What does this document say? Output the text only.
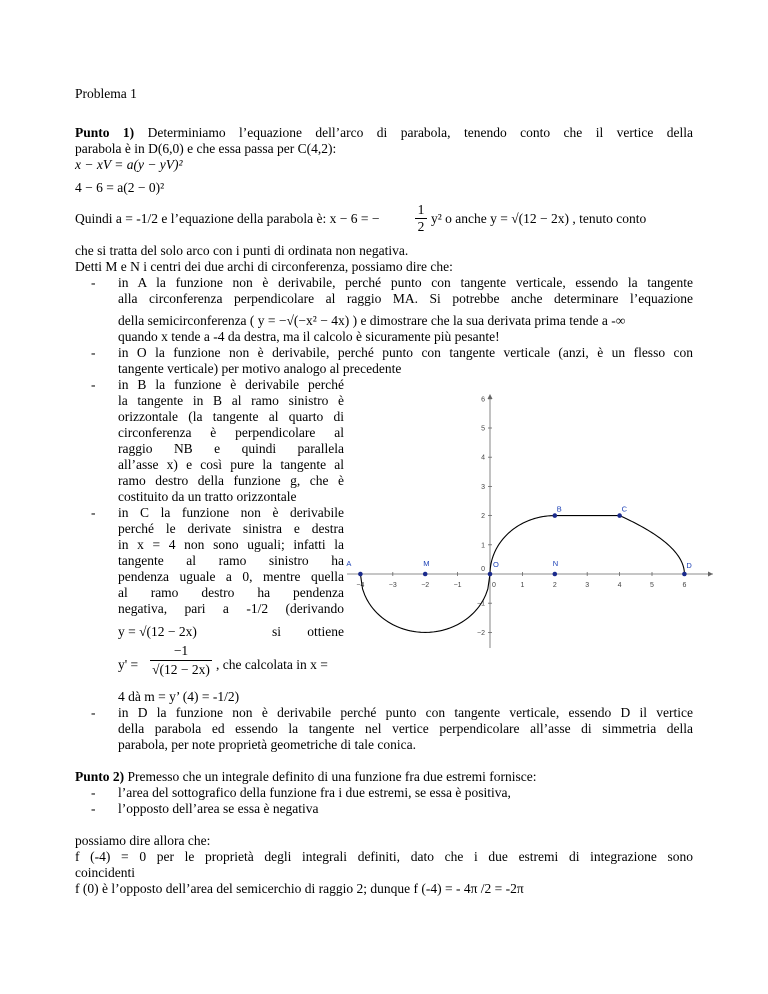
Problema 1
Punto 1) Determiniamo l’equazione dell’arco di parabola, tenendo conto che il vertice della
parabola è in D(6,0) e che essa passa per C(4,2):
x − xV = a(y − yV)²
4 − 6 = a(2 − 0)²
Quindi a = -1/2 e l’equazione della parabola è: x − 6 = −
1
2
y² o anche y = √(12 − 2x) , tenuto conto
che si tratta del solo arco con i punti di ordinata non negativa.
Detti M e N i centri dei due archi di circonferenza, possiamo dire che:
- in A la funzione non è derivabile, perché punto con tangente verticale, essendo la tangente
alla circonferenza perpendicolare al raggio MA. Si potrebbe anche determinare l’equazione
della semicirconferenza ( y = −√(−x² − 4x) ) e dimostrare che la sua derivata prima tende a -∞
quando x tende a -4 da destra, ma il calcolo è sicuramente più pesante!
- in O la funzione non è derivabile, perché punto con tangente verticale (anzi, è un flesso con
tangente verticale) per motivo analogo al precedente
- in B la funzione è derivabile perché
la tangente in B al ramo sinistro è
orizzontale (la tangente al quarto di
circonferenza è perpendicolare al
raggio NB e quindi parallela
all’asse x) e così pure la tangente al
ramo destro della funzione g, che è
costituito da un tratto orizzontale
- in C la funzione non è derivabile
perché le derivate sinistra e destra
in x = 4 non sono uguali; infatti la
tangente al ramo sinistro ha
pendenza uguale a 0, mentre quella
al ramo destro ha pendenza
negativa, pari a -1/2 (derivando
y = √(12 − 2x)	si	ottiene
y' =
−1
√(12 − 2x) , che calcolata in x =
4 dà m = y’ (4) = -1/2)
- in D la funzione non è derivabile perché punto con tangente verticale, essendo D il vertice
della parabola ed essendo la tangente nel vertice perpendicolare all’asse di simmetria della
parabola, per note proprietà geometriche di tale conica.
Punto 2) Premesso che un integrale definito di una funzione fra due estremi fornisce:
- l’area del sottografico della funzione fra i due estremi, se essa è positiva,
- l’opposto dell’area se essa è negativa
possiamo dire allora che:
f (-4) = 0 per le proprietà degli integrali definiti, dato che i due estremi di integrazione sono
coincidenti
f (0) è l’opposto dell’area del semicerchio di raggio 2; dunque f (-4) = - 4π /2 = -2π
−4	−3	−2	−1	0	1	2	3	4	5	6
−2
−1
1
2
3
4
5
6
0
A	M	O	N
B	C
D
